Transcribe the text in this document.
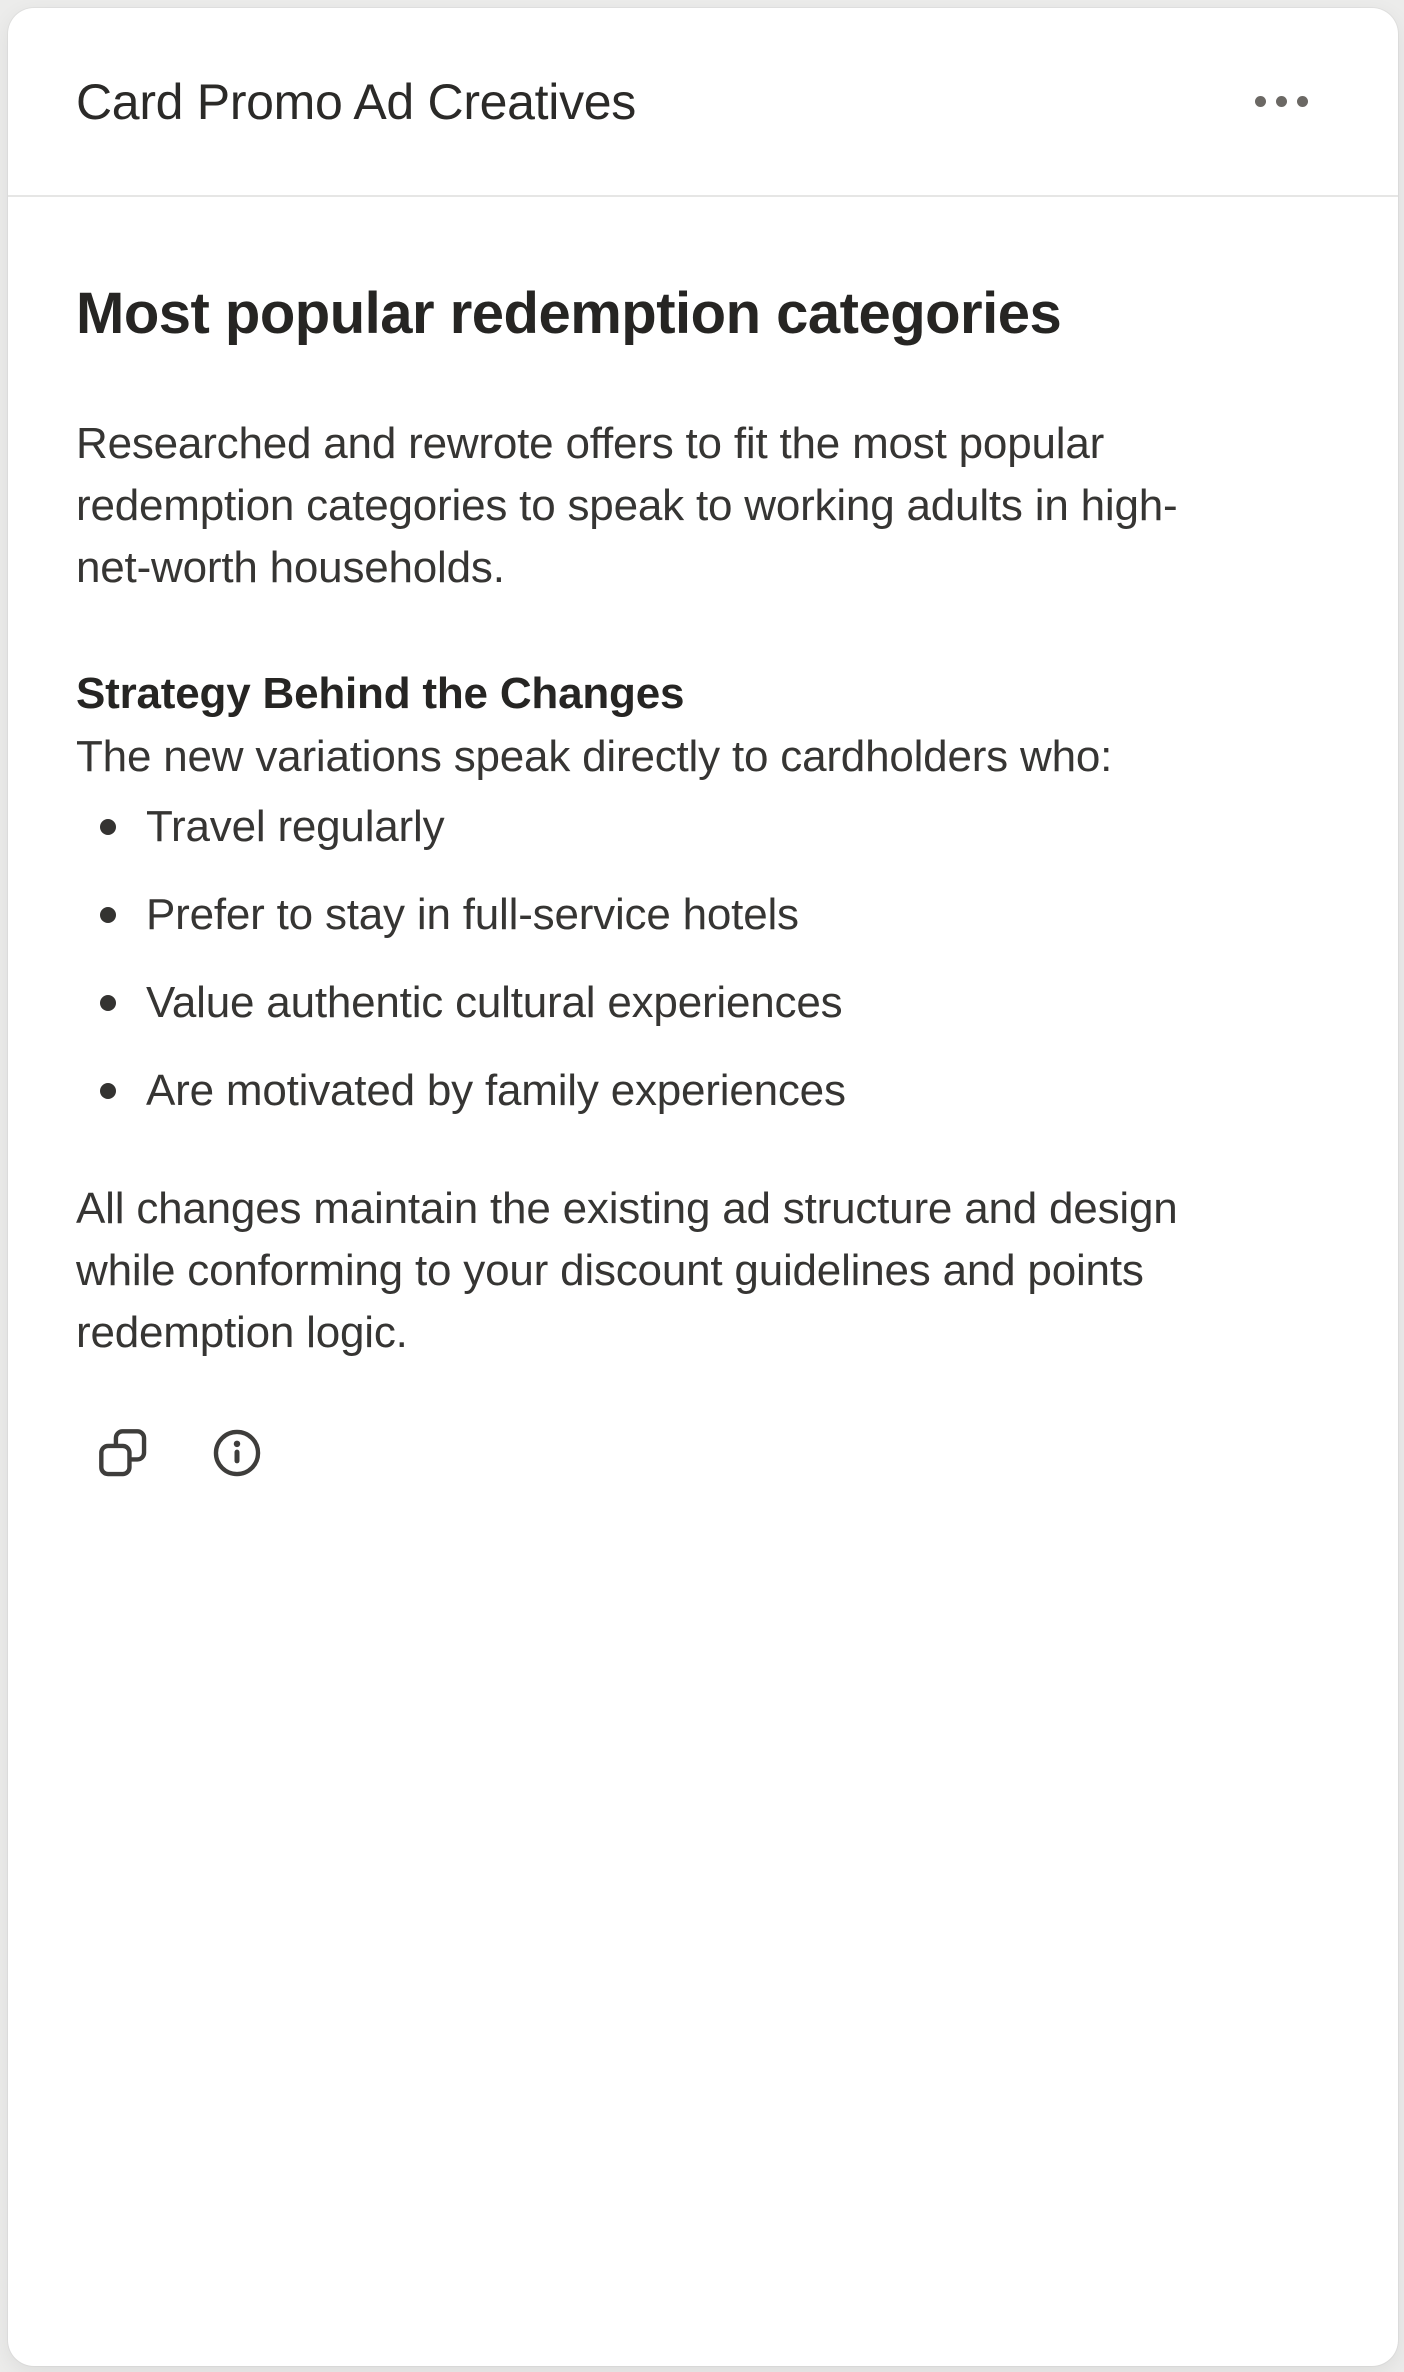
Card Promo Ad Creatives
Most popular redemption categories

Researched and rewrote offers to fit the most popular redemption categories to speak to working adults in high-net-worth households.

Strategy Behind the Changes

The new variations speak directly to cardholders who:

Travel regularly
Prefer to stay in full-service hotels
Value authentic cultural experiences
Are motivated by family experiences

All changes maintain the existing ad structure and design while conforming to your discount guidelines and points redemption logic.
